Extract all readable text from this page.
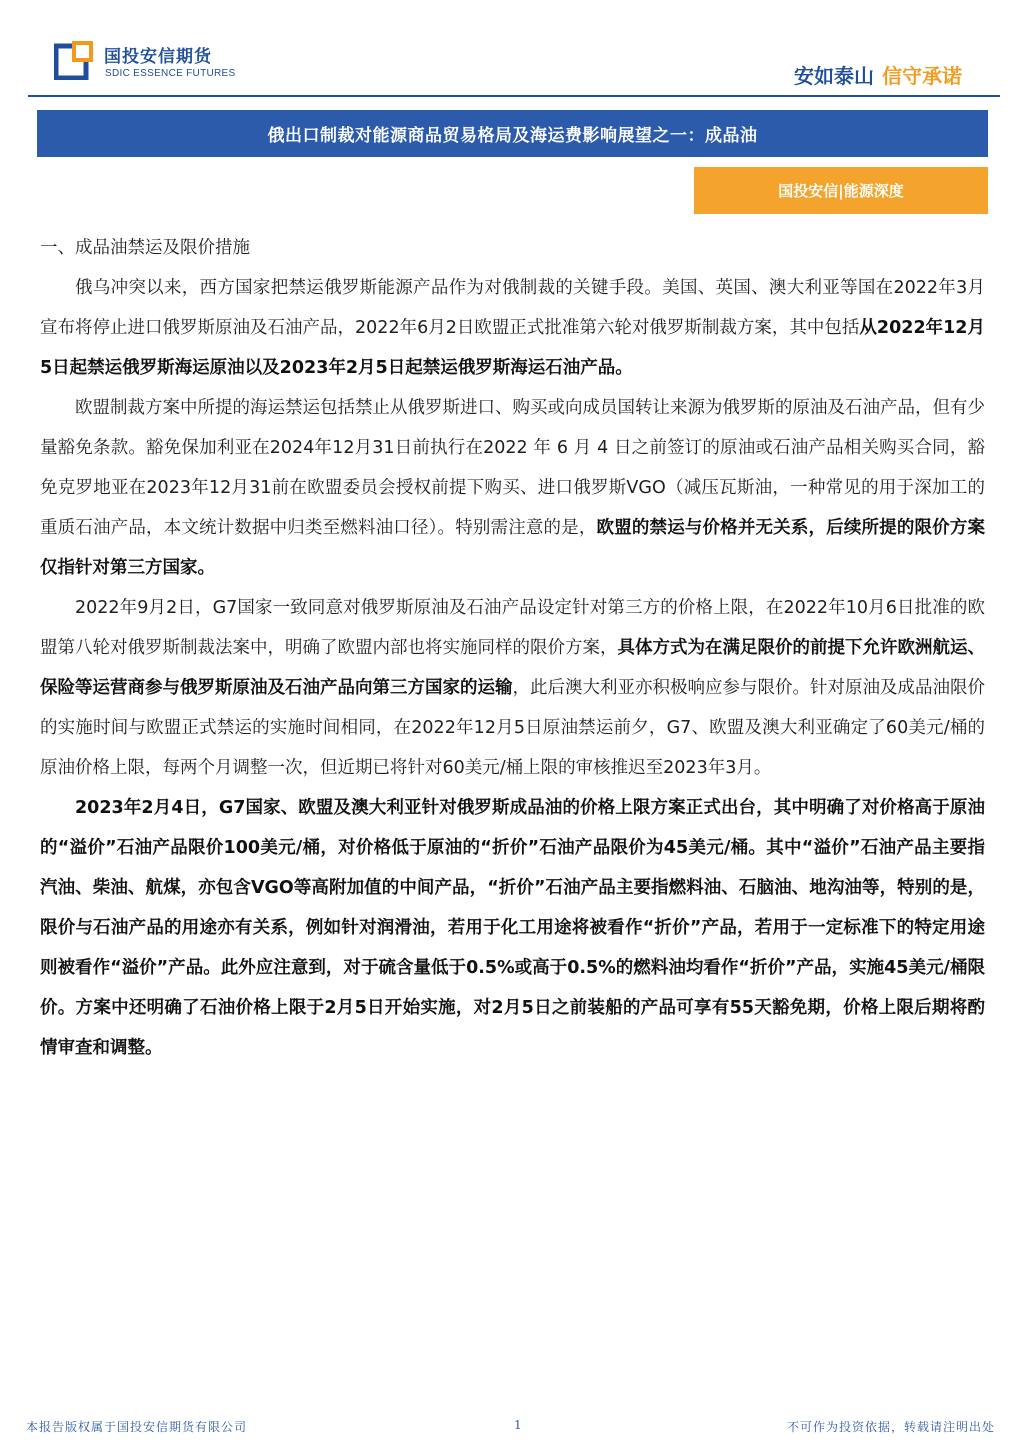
国投安信期货
SDIC ESSENCE FUTURES	安如泰山 信守承诺
俄出口制裁对能源商品贸易格局及海运费影响展望之一：成品油
国投安信|能源深度
一、成品油禁运及限价措施

俄乌冲突以来，西方国家把禁运俄罗斯能源产品作为对俄制裁的关键手段。美国、英国、澳大利亚等国在2022年3月宣布将停止进口俄罗斯原油及石油产品，2022年6月2日欧盟正式批准第六轮对俄罗斯制裁方案，其中包括从2022年12月5日起禁运俄罗斯海运原油以及2023年2月5日起禁运俄罗斯海运石油产品。

欧盟制裁方案中所提的海运禁运包括禁止从俄罗斯进口、购买或向成员国转让来源为俄罗斯的原油及石油产品，但有少量豁免条款。豁免保加利亚在2024年12月31日前执行在2022 年 6 月 4 日之前签订的原油或石油产品相关购买合同，豁免克罗地亚在2023年12月31前在欧盟委员会授权前提下购买、进口俄罗斯VGO（减压瓦斯油，一种常见的用于深加工的重质石油产品，本文统计数据中归类至燃料油口径）。特别需注意的是，欧盟的禁运与价格并无关系，后续所提的限价方案仅指针对第三方国家。

2022年9月2日，G7国家一致同意对俄罗斯原油及石油产品设定针对第三方的价格上限，在2022年10月6日批准的欧盟第八轮对俄罗斯制裁法案中，明确了欧盟内部也将实施同样的限价方案，具体方式为在满足限价的前提下允许欧洲航运、保险等运营商参与俄罗斯原油及石油产品向第三方国家的运输，此后澳大利亚亦积极响应参与限价。针对原油及成品油限价的实施时间与欧盟正式禁运的实施时间相同，在2022年12月5日原油禁运前夕，G7、欧盟及澳大利亚确定了60美元/桶的原油价格上限，每两个月调整一次，但近期已将针对60美元/桶上限的审核推迟至2023年3月。

2023年2月4日，G7国家、欧盟及澳大利亚针对俄罗斯成品油的价格上限方案正式出台，其中明确了对价格高于原油的“溢价”石油产品限价100美元/桶，对价格低于原油的“折价”石油产品限价为45美元/桶。其中“溢价”石油产品主要指汽油、柴油、航煤，亦包含VGO等高附加值的中间产品，“折价”石油产品主要指燃料油、石脑油、地沟油等，特别的是，限价与石油产品的用途亦有关系，例如针对润滑油，若用于化工用途将被看作“折价”产品，若用于一定标准下的特定用途则被看作“溢价”产品。此外应注意到，对于硫含量低于0.5%或高于0.5%的燃料油均看作“折价”产品，实施45美元/桶限价。方案中还明确了石油价格上限于2月5日开始实施，对2月5日之前装船的产品可享有55天豁免期，价格上限后期将酌情审查和调整。

本报告版权属于国投安信期货有限公司	1	不可作为投资依据，转载请注明出处
